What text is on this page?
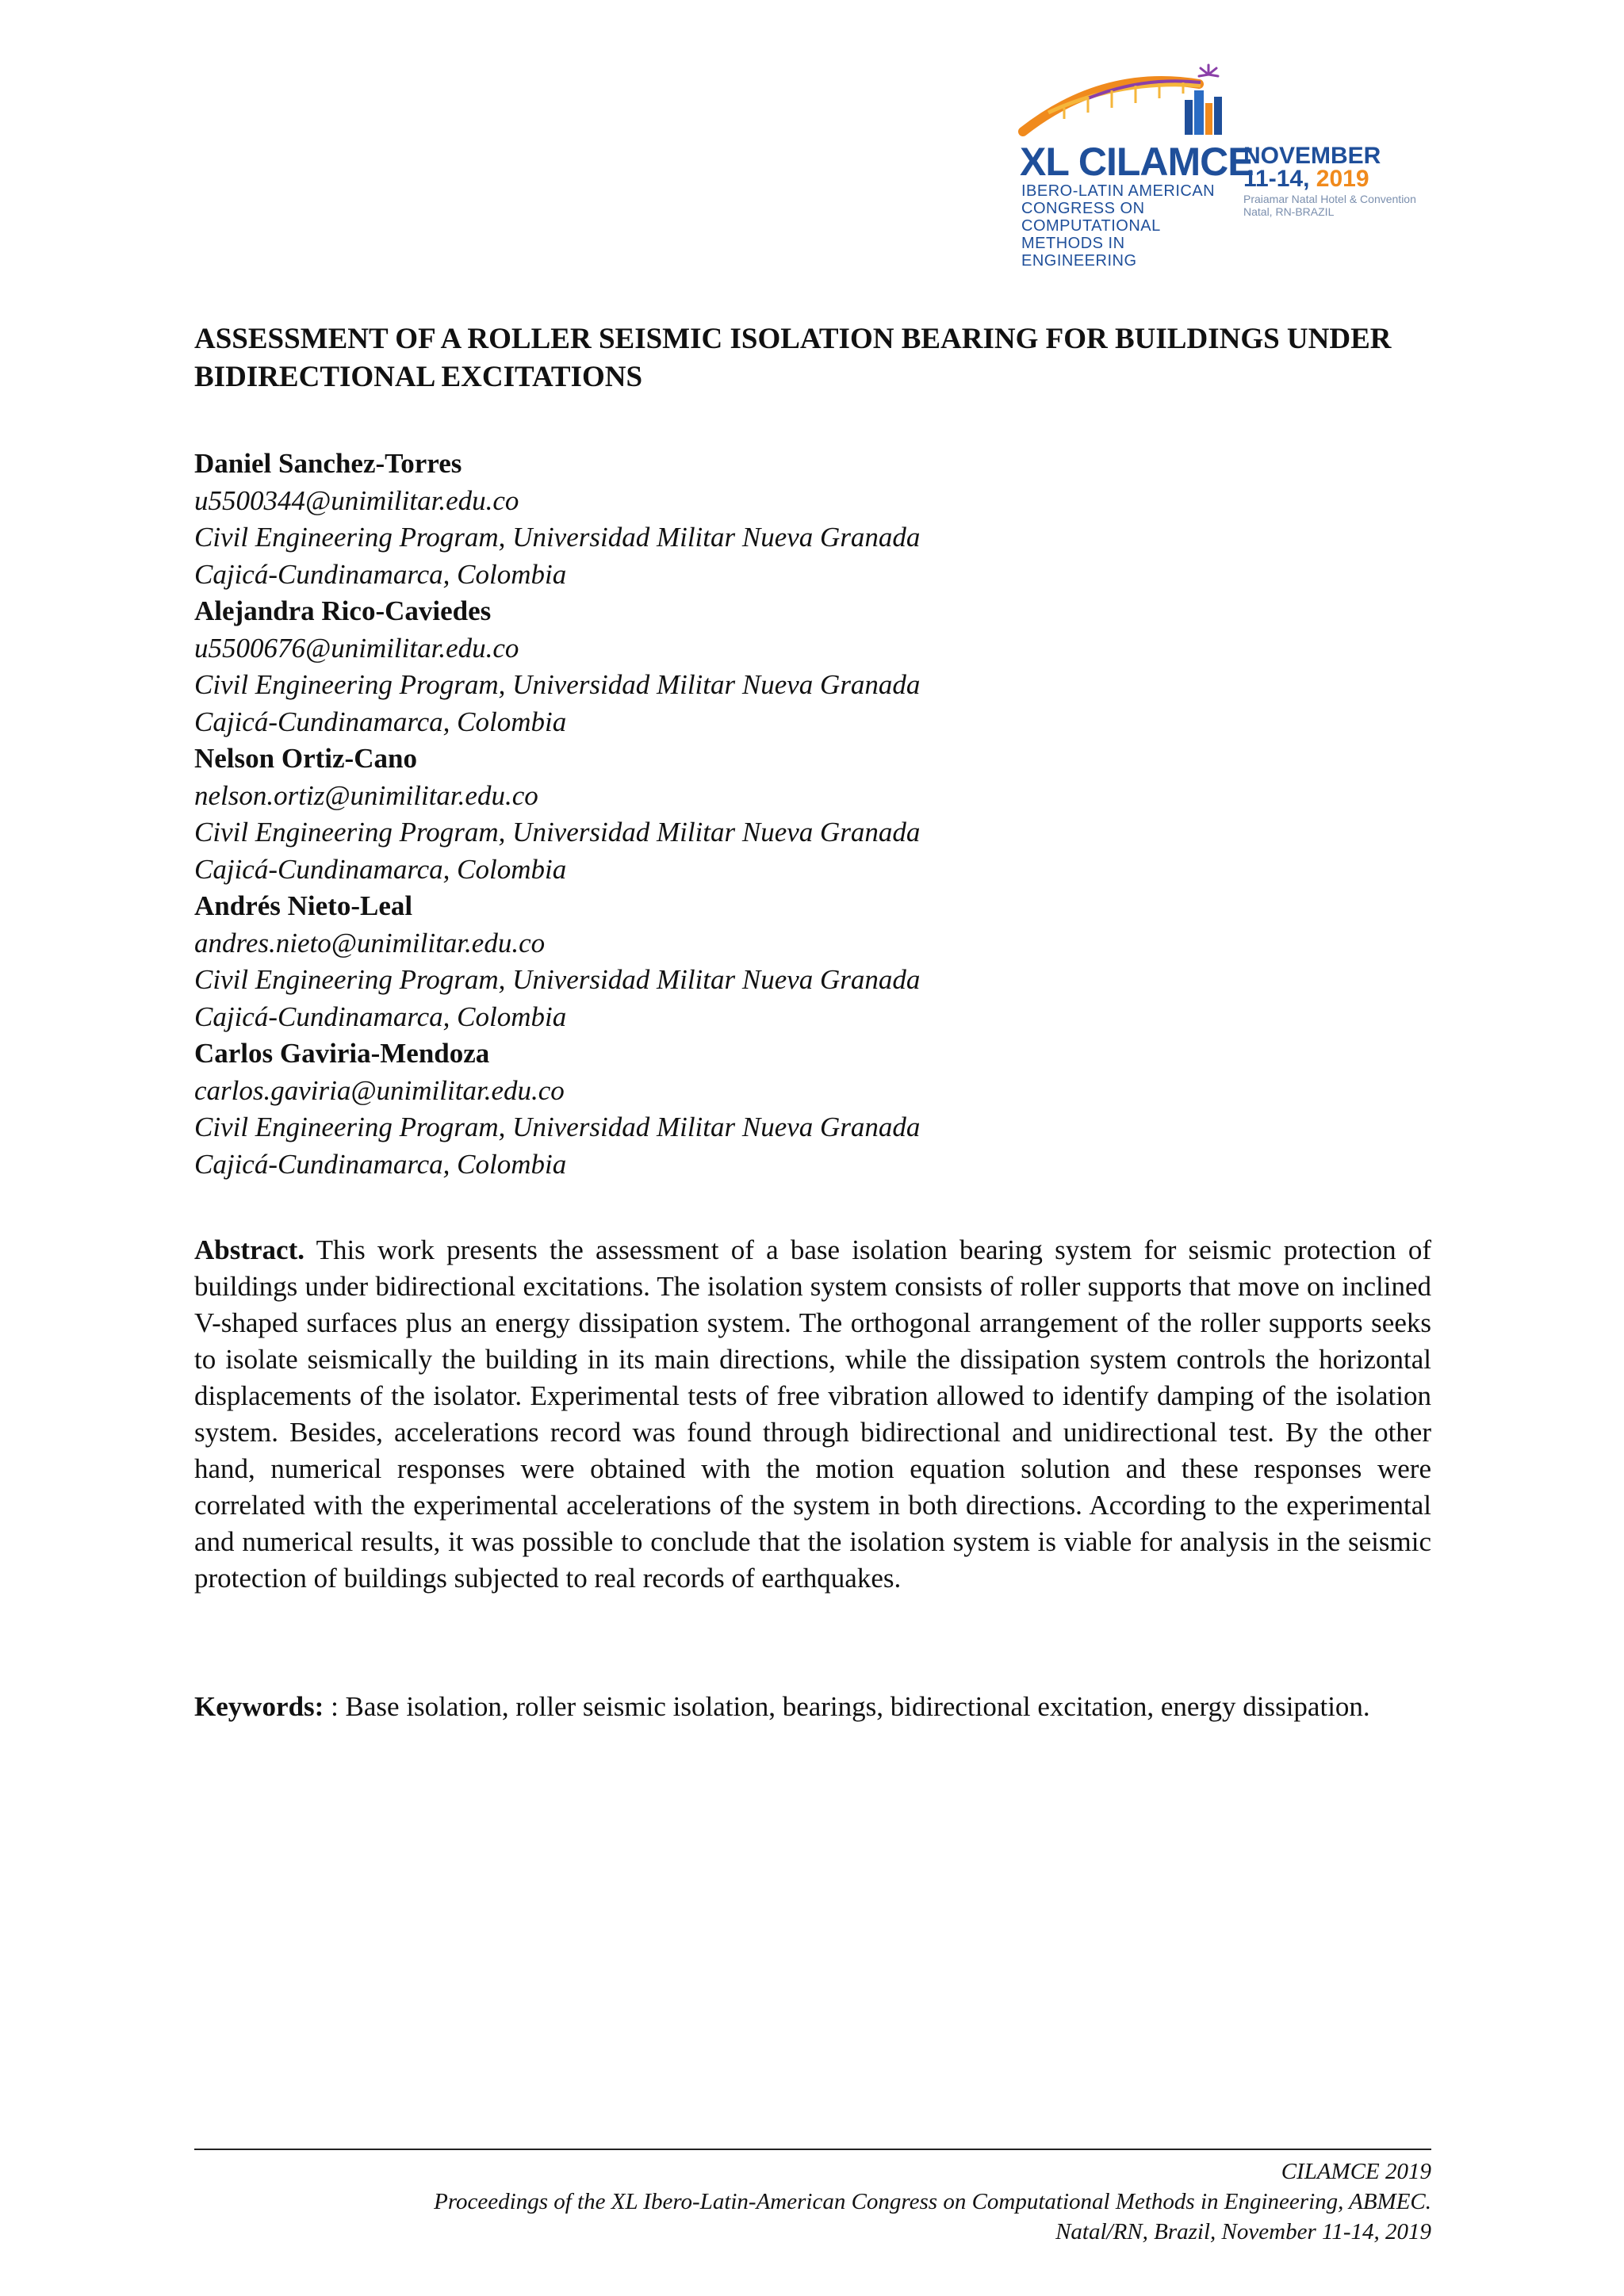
XL CILAMCE
IBERO-LATIN AMERICAN
CONGRESS ON
COMPUTATIONAL
METHODS IN
ENGINEERING
NOVEMBER
11-14, 2019
Praiamar Natal Hotel & Convention
Natal, RN-BRAZIL
ASSESSMENT OF A ROLLER SEISMIC ISOLATION BEARING FOR BUILDINGS UNDER BIDIRECTIONAL EXCITATIONS
Daniel Sanchez-Torres
u5500344@unimilitar.edu.co
Civil Engineering Program, Universidad Militar Nueva Granada
Cajicá-Cundinamarca, Colombia
Alejandra Rico-Caviedes
u5500676@unimilitar.edu.co
Civil Engineering Program, Universidad Militar Nueva Granada
Cajicá-Cundinamarca, Colombia
Nelson Ortiz-Cano
nelson.ortiz@unimilitar.edu.co
Civil Engineering Program, Universidad Militar Nueva Granada
Cajicá-Cundinamarca, Colombia
Andrés Nieto-Leal
andres.nieto@unimilitar.edu.co
Civil Engineering Program, Universidad Militar Nueva Granada
Cajicá-Cundinamarca, Colombia
Carlos Gaviria-Mendoza
carlos.gaviria@unimilitar.edu.co
Civil Engineering Program, Universidad Militar Nueva Granada
Cajicá-Cundinamarca, Colombia

Abstract. This work presents the assessment of a base isolation bearing system for seismic protection of buildings under bidirectional excitations. The isolation system consists of roller supports that move on inclined V-shaped surfaces plus an energy dissipation system. The orthogonal arrangement of the roller supports seeks to isolate seismically the building in its main directions, while the dissipation system controls the horizontal displacements of the isolator. Experimental tests of free vibration allowed to identify damping of the isolation system. Besides, accelerations record was found through bidirectional and unidirectional test. By the other hand, numerical responses were obtained with the motion equation solution and these responses were correlated with the experimental accelerations of the system in both directions. According to the experimental and numerical results, it was possible to conclude that the isolation system is viable for analysis in the seismic protection of buildings subjected to real records of earthquakes.

Keywords: : Base isolation, roller seismic isolation, bearings, bidirectional excitation, energy dissipation.

CILAMCE 2019
Proceedings of the XL Ibero-Latin-American Congress on Computational Methods in Engineering, ABMEC.
Natal/RN, Brazil, November 11-14, 2019
